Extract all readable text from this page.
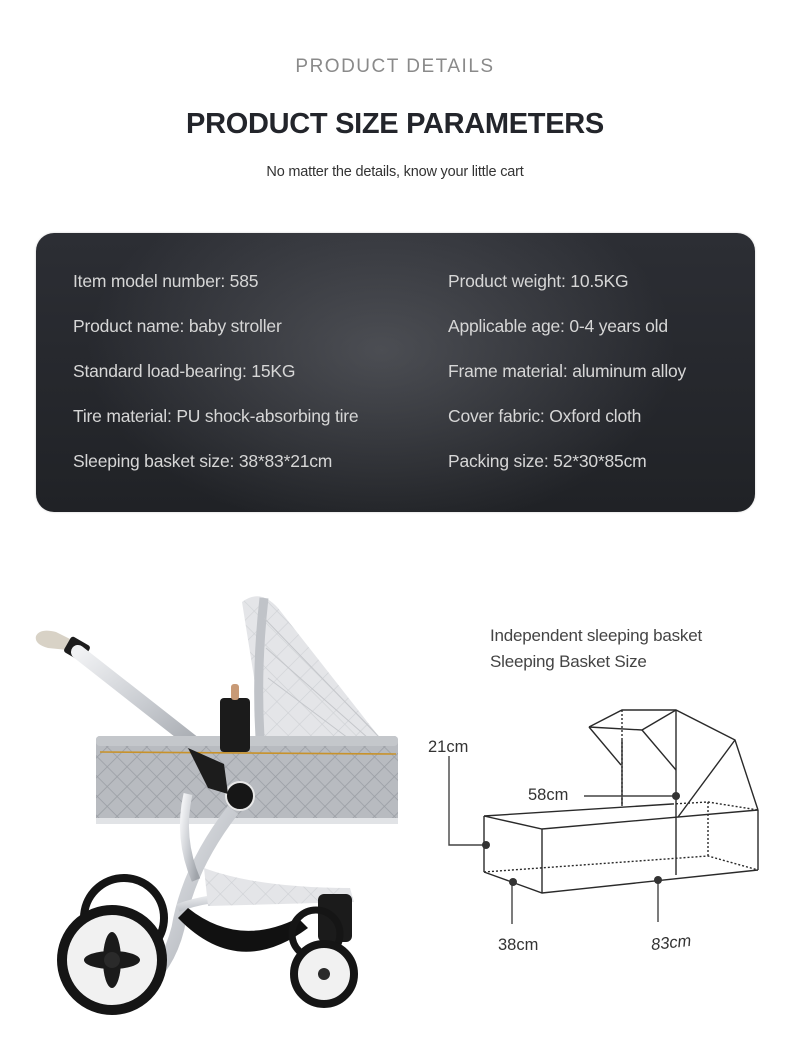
PRODUCT DETAILS
PRODUCT SIZE PARAMETERS
No matter the details, know your little cart
Item model number: 585
Product name: baby stroller
Standard load-bearing: 15KG
Tire material: PU shock-absorbing tire
Sleeping basket size: 38*83*21cm
Product weight: 10.5KG
Applicable age: 0-4 years old
Frame material: aluminum alloy
Cover fabric: Oxford cloth
Packing size: 52*30*85cm
Independent sleeping basket
Sleeping Basket Size
21cm
58cm
38cm	83cm
